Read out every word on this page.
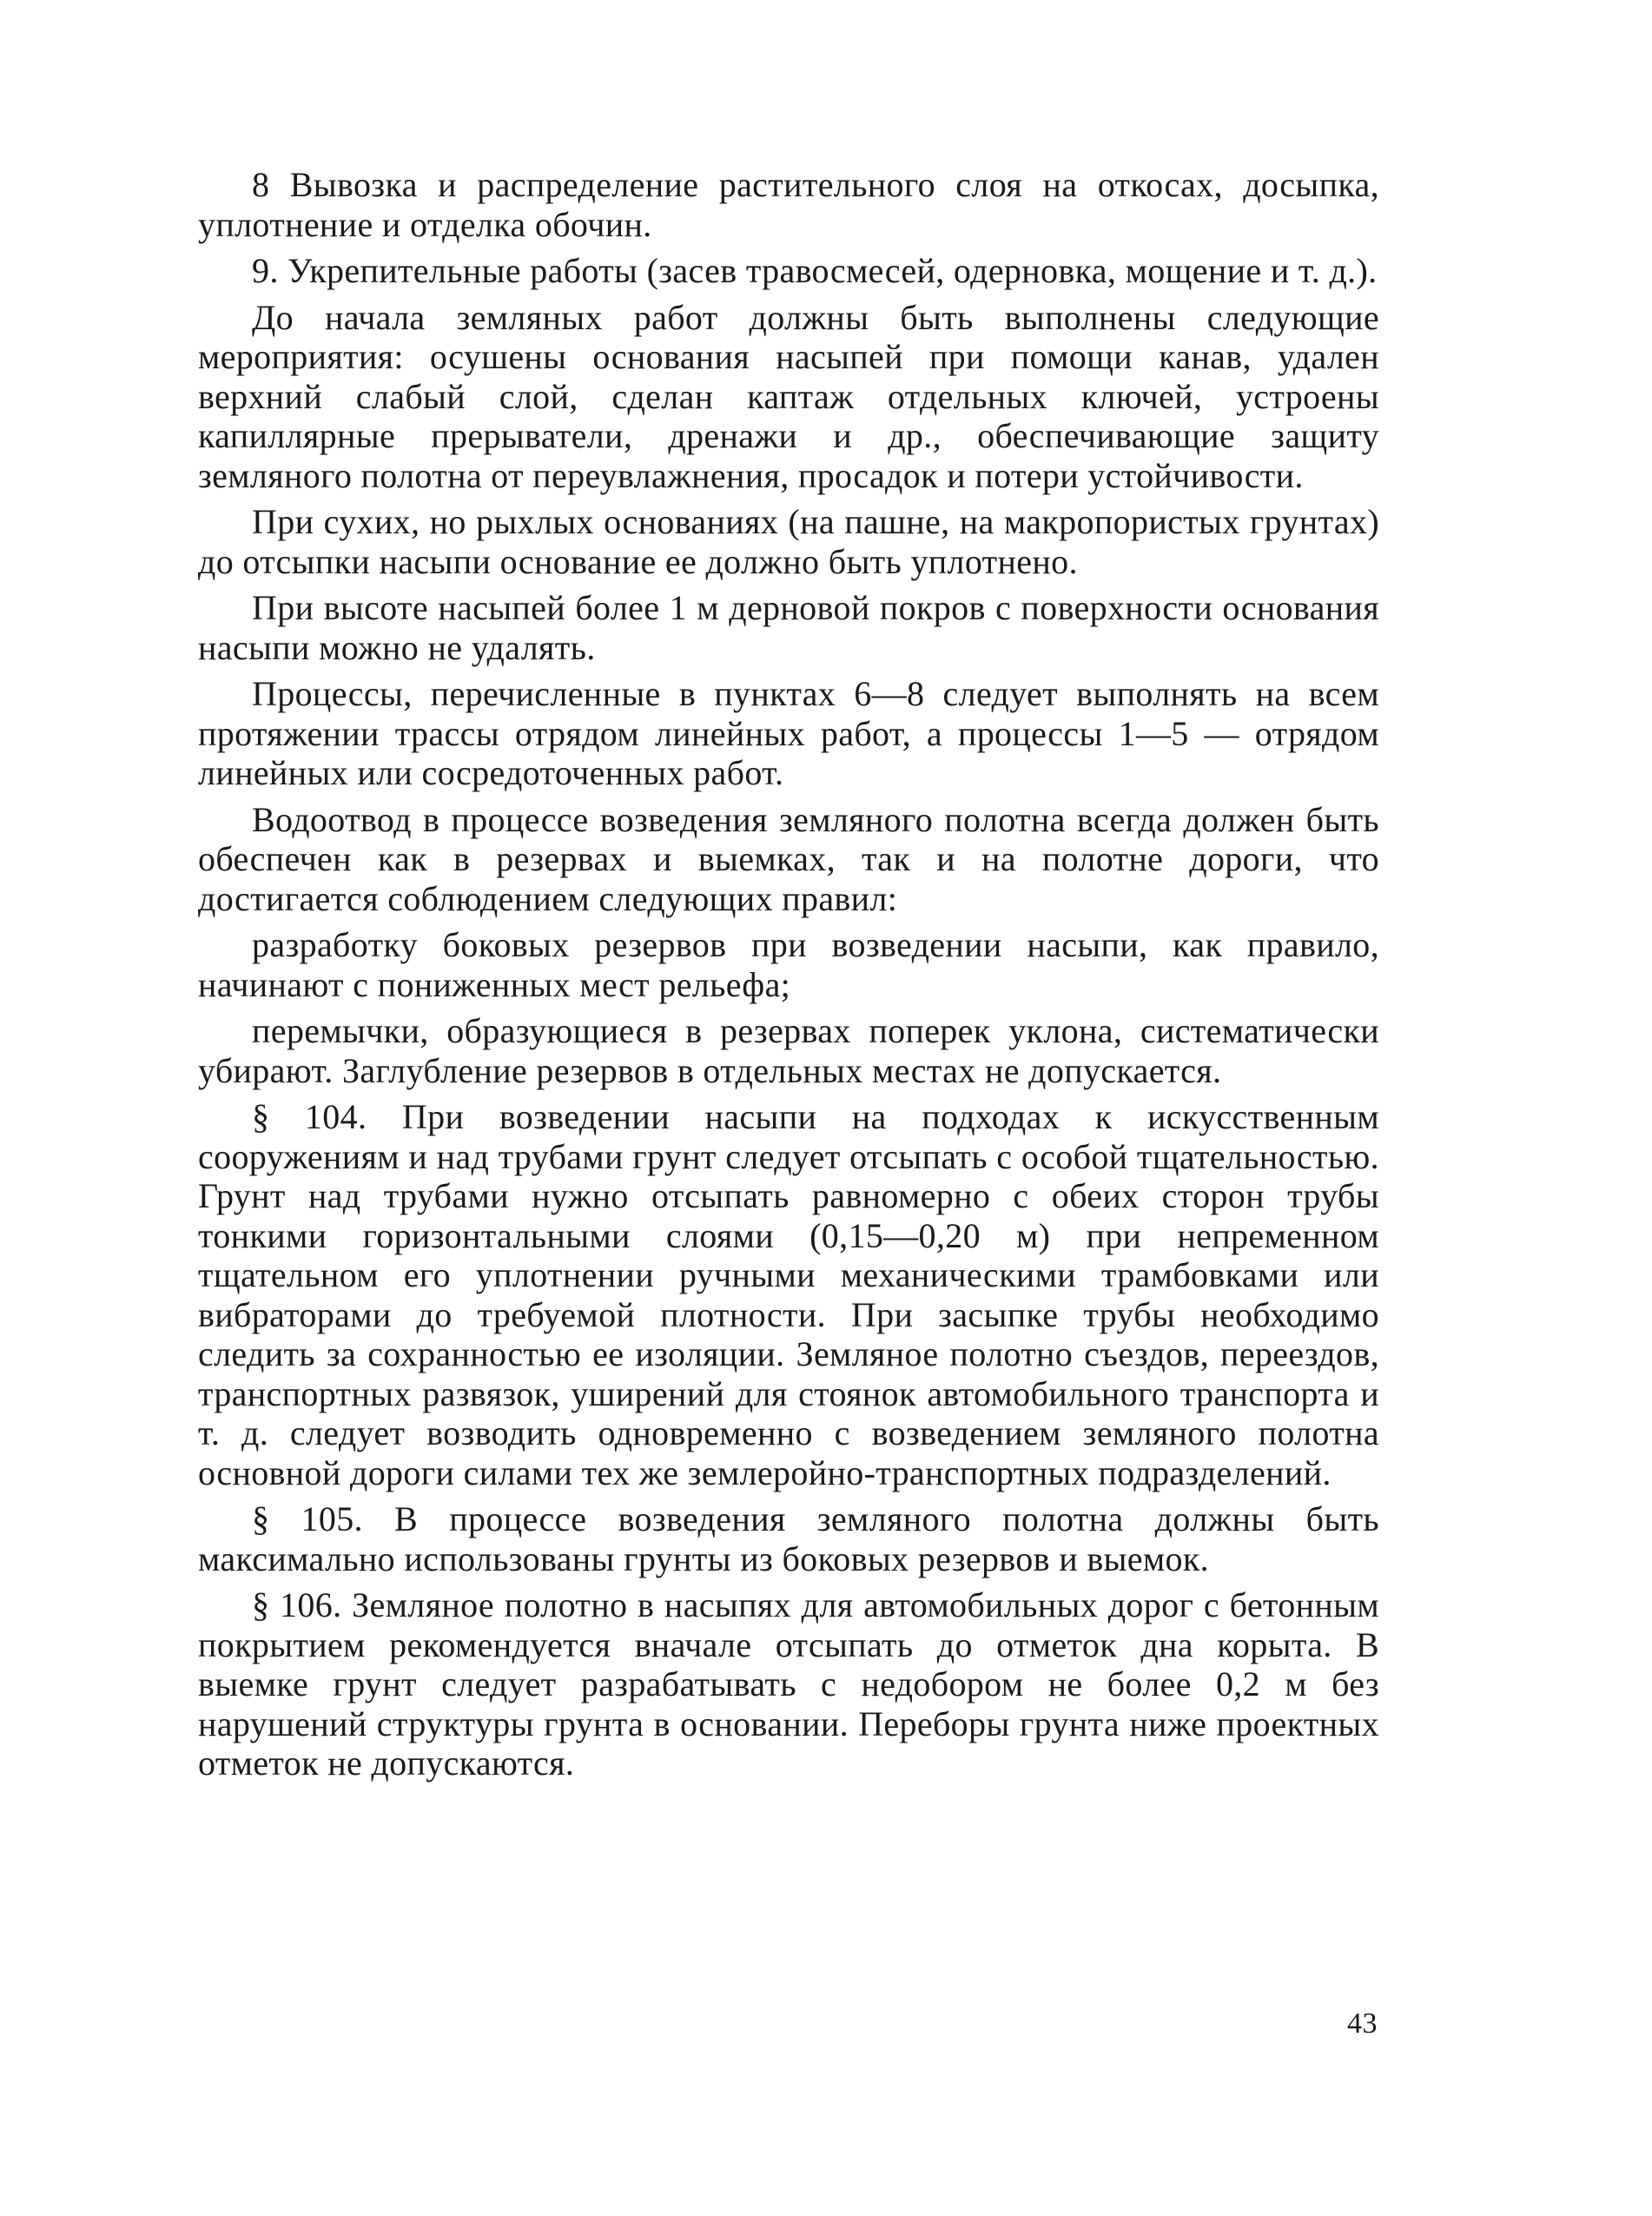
8 Вывозка и распределение растительного слоя на откосах, досыпка, уплотнение и отделка обочин.

9. Укрепительные работы (засев травосмесей, одерновка, мощение и т. д.).

До начала земляных работ должны быть выполнены следующие мероприятия: осушены основания насыпей при помощи канав, удален верхний слабый слой, сделан каптаж отдельных ключей, устроены капиллярные прерыватели, дренажи и др., обеспечивающие защиту земляного полотна от переувлажнения, просадок и потери устойчивости.

При сухих, но рыхлых основаниях (на пашне, на макропористых грунтах) до отсыпки насыпи основание ее должно быть уплотнено.

При высоте насыпей более 1 м дерновой покров с поверхности основания насыпи можно не удалять.

Процессы, перечисленные в пунктах 6—8 следует выполнять на всем протяжении трассы отрядом линейных работ, а процессы 1—5 — отрядом линейных или сосредоточенных работ.

Водоотвод в процессе возведения земляного полотна всегда должен быть обеспечен как в резервах и выемках, так и на полотне дороги, что достигается соблюдением следующих правил:

разработку боковых резервов при возведении насыпи, как правило, начинают с пониженных мест рельефа;

перемычки, образующиеся в резервах поперек уклона, систематически убирают. Заглубление резервов в отдельных местах не допускается.

§ 104. При возведении насыпи на подходах к искусственным сооружениям и над трубами грунт следует отсыпать с особой тщательностью. Грунт над трубами нужно отсыпать равномерно с обеих сторон трубы тонкими горизонтальными слоями (0,15—0,20 м) при непременном тщательном его уплотнении ручными механическими трамбовками или вибраторами до требуемой плотности. При засыпке трубы необходимо следить за сохранностью ее изоляции. Земляное полотно съездов, переездов, транспортных развязок, уширений для стоянок автомобильного транспорта и т. д. следует возводить одновременно с возведением земляного полотна основной дороги силами тех же землеройно-транспортных подразделений.

§ 105. В процессе возведения земляного полотна должны быть максимально использованы грунты из боковых резервов и выемок.

§ 106. Земляное полотно в насыпях для автомобильных дорог с бетонным покрытием рекомендуется вначале отсыпать до отметок дна корыта. В выемке грунт следует разрабатывать с недобором не более 0,2 м без нарушений структуры грунта в основании. Переборы грунта ниже проектных отметок не допускаются.

43
